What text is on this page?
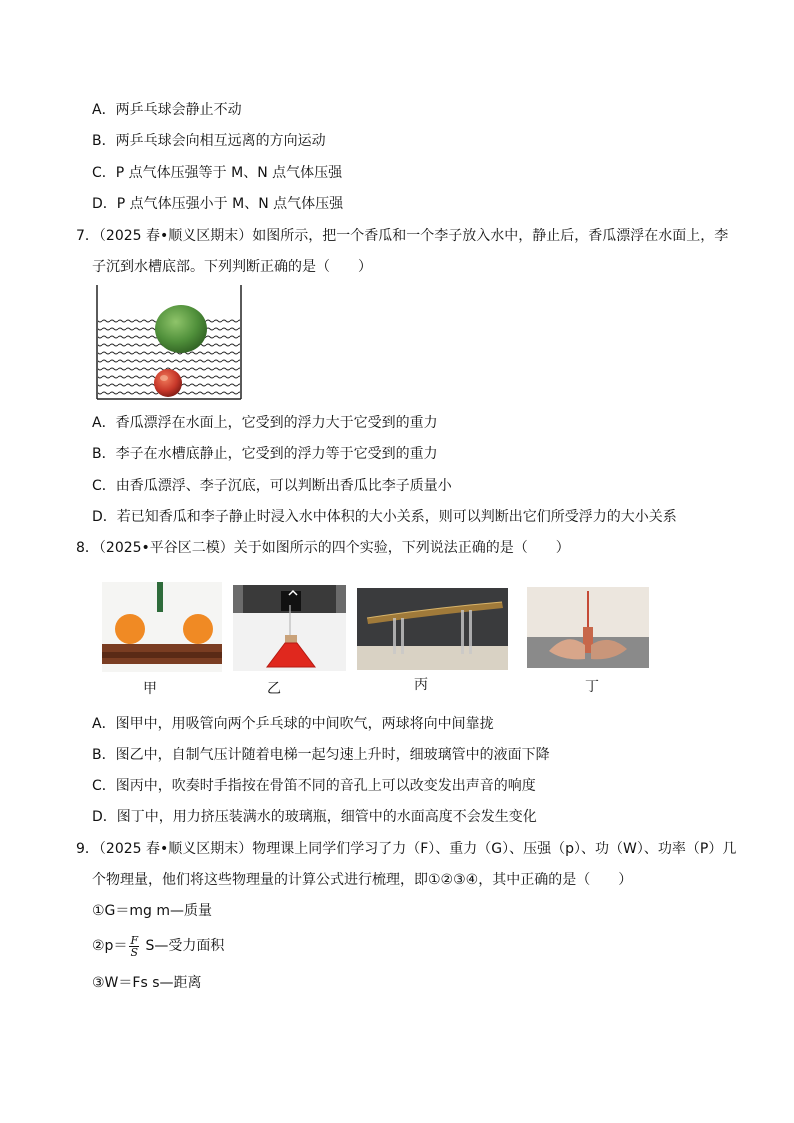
A．两乒乓球会静止不动
B．两乒乓球会向相互远离的方向运动
C．P 点气体压强等于 M、N 点气体压强
D．P 点气体压强小于 M、N 点气体压强
7．（2025 春•顺义区期末）如图所示，把一个香瓜和一个李子放入水中，静止后，香瓜漂浮在水面上，李
子沉到水槽底部。下列判断正确的是（　　）
A．香瓜漂浮在水面上，它受到的浮力大于它受到的重力
B．李子在水槽底静止，它受到的浮力等于它受到的重力
C．由香瓜漂浮、李子沉底，可以判断出香瓜比李子质量小
D．若已知香瓜和李子静止时浸入水中体积的大小关系，则可以判断出它们所受浮力的大小关系
8．（2025•平谷区二模）关于如图所示的四个实验，下列说法正确的是（　　）
甲	乙	丙	丁
A．图甲中，用吸管向两个乒乓球的中间吹气，两球将向中间靠拢
B．图乙中，自制气压计随着电梯一起匀速上升时，细玻璃管中的液面下降
C．图丙中，吹奏时手指按在骨笛不同的音孔上可以改变发出声音的响度
D．图丁中，用力挤压装满水的玻璃瓶，细管中的水面高度不会发生变化
9．（2025 春•顺义区期末）物理课上同学们学习了力（F）、重力（G）、压强（p）、功（W）、功率（P）几
个物理量，他们将这些物理量的计算公式进行梳理，即①②③④，其中正确的是（　　）
①G＝mg m—质量
②p＝ $\frac{F}{S}$ S—受力面积
③W＝Fs s—距离
